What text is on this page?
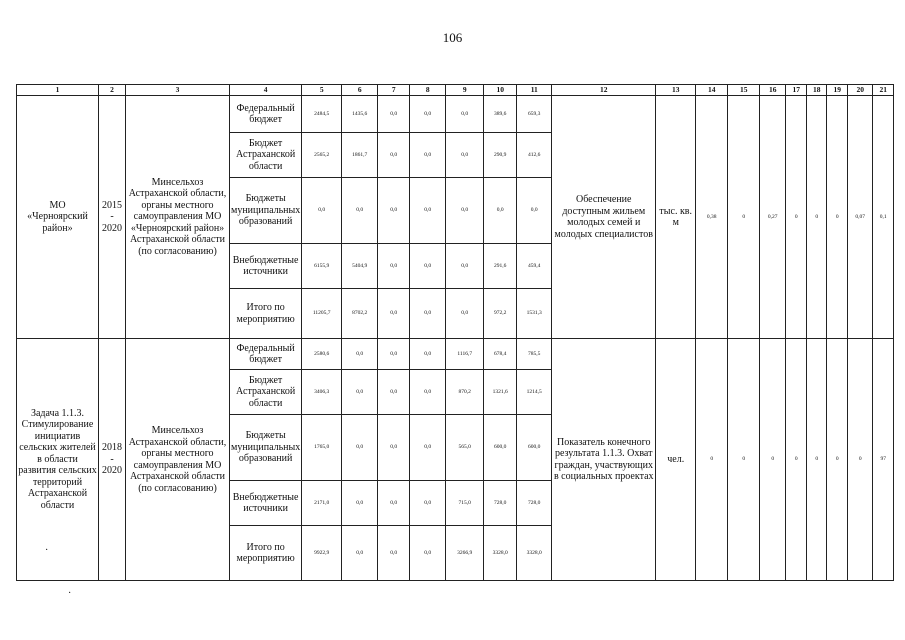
106
1	2	3	4	5	6	7	8	9	10	11	12	13	14	15	16	17	18	19	20	21
МО «Черноярский район»	2015 - 2020	Минсельхоз Астраханской области, органы местного самоуправления МО «Черноярский район» Астраханской области (по согласованию)	Федеральный бюджет	2484,5	1435,6	0,0	0,0	0,0	389,6	659,3	Обеспечение доступным жильем молодых семей и молодых специалистов	тыс. кв. м	0,38	0	0,27	0	0	0	0,07	0,1
			Бюджет Астраханской области	2565,2	1861,7	0,0	0,0	0,0	290,9	412,6										
			Бюджеты муниципальных образований	0,0	0,0	0,0	0,0	0,0	0,0	0,0										
			Внебюджетные источники	6155,9	5404,9	0,0	0,0	0,0	291,6	459,4										
			Итого по мероприятию	11205,7	8702,2	0,0	0,0	0,0	972,2	1531,3										
Задача 1.1.3. Стимулирование инициатив сельских жителей в области развития сельских территорий Астраханской области	2018 - 2020	Минсельхоз Астраханской области, органы местного самоуправления МО Астраханской области (по согласованию)	Федеральный бюджет	2580,6	0,0	0,0	0,0	1116,7	678,4	785,5	Показатель конечного результата 1.1.3. Охват граждан, участвующих в социальных проектах	чел.	0	0	0	0	0	0	0	97
			Бюджет Астраханской области	3406,3	0,0	0,0	0,0	870,2	1321,6	1214,5										
			Бюджеты муниципальных образований	1765,0	0,0	0,0	0,0	565,0	600,0	600,0										
			Внебюджетные источники	2171,0	0,0	0,0	0,0	715,0	728,0	728,0										
			Итого по мероприятию	9922,9	0,0	0,0	0,0	3266,9	3328,0	3328,0										
·
·
